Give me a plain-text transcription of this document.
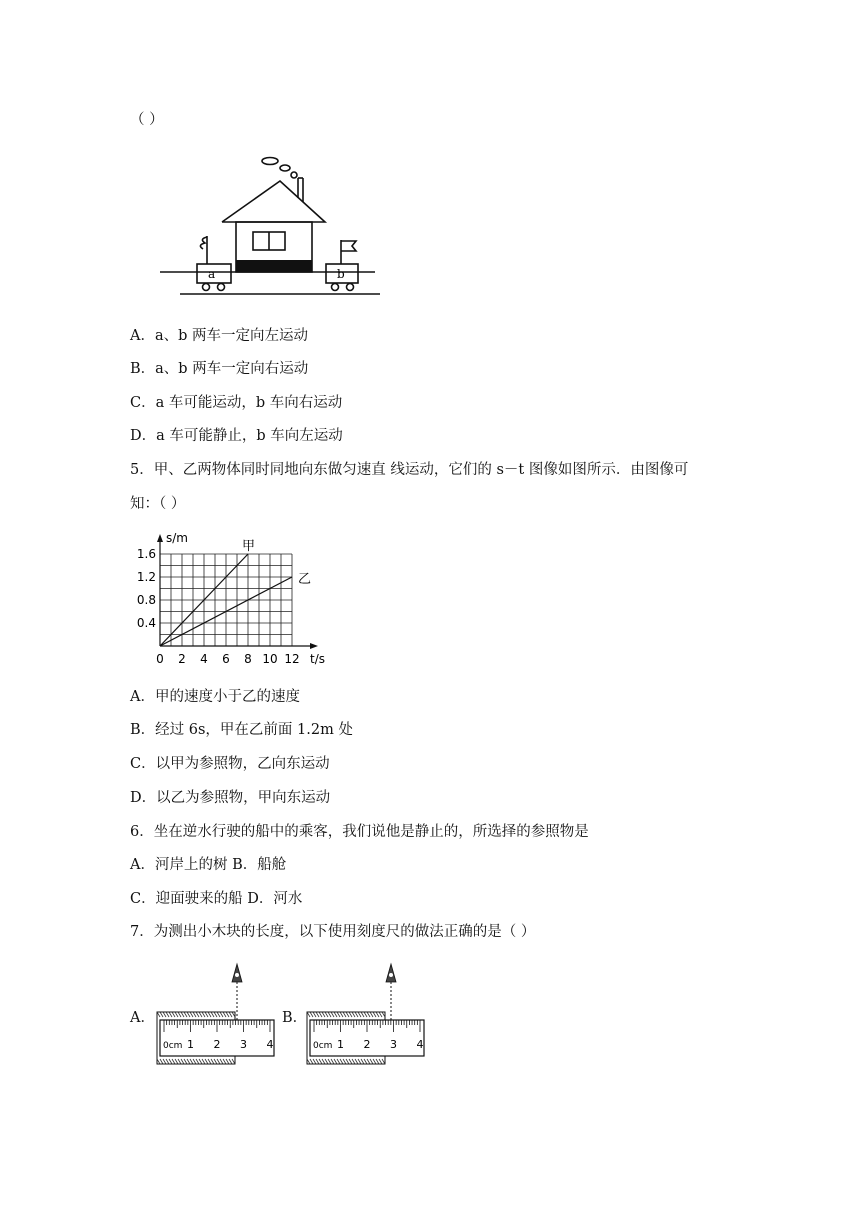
（ ）
a	b
A．a、b 两车一定向左运动
B．a、b 两车一定向右运动
C．a 车可能运动，b 车向右运动
D．a 车可能静止，b 车向左运动
5．甲、乙两物体同时同地向东做匀速直 线运动，它们的 s－t 图像如图所示．由图像可
知：（ ）
甲
乙
0 2 4 6 8 10 12
0.4
0.8
1.2
1.6
t/s
s/m
A．甲的速度小于乙的速度
B．经过 6s，甲在乙前面 1.2m 处
C．以甲为参照物，乙向东运动
D．以乙为参照物，甲向东运动
6．坐在逆水行驶的船中的乘客，我们说他是静止的，所选择的参照物是
A．河岸上的树 B．船舱
C．迎面驶来的船 D．河水
7．为测出小木块的长度，以下使用刻度尺的做法正确的是（ ）
A．	B．
0cm 1 2 3 4	0cm 1 2 3 4
